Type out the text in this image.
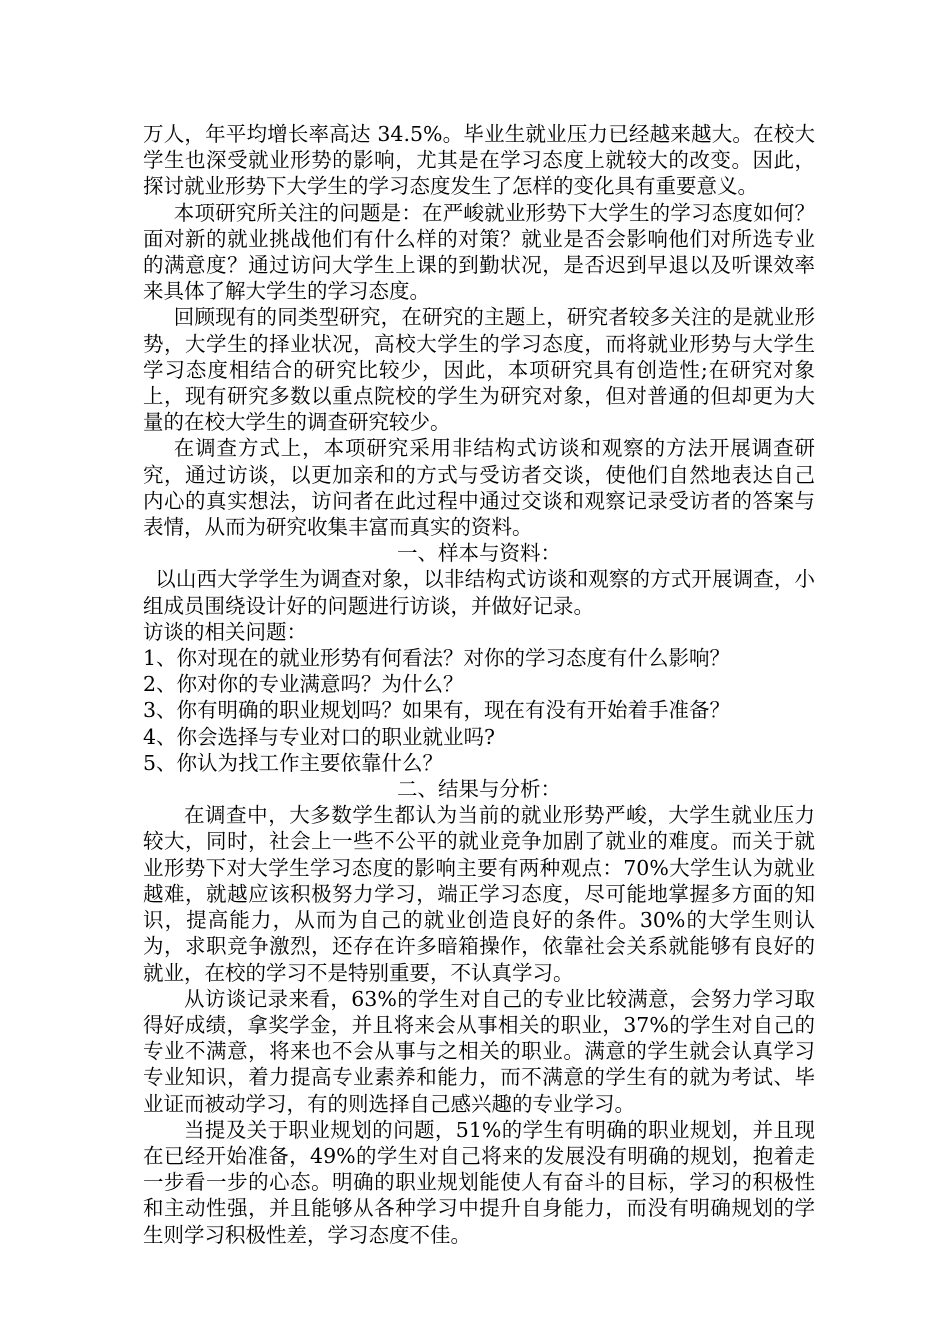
万人，年平均增长率高达 34.5%。毕业生就业压力已经越来越大。在校大学生也深受就业形势的影响，尤其是在学习态度上就较大的改变。因此，探讨就业形势下大学生的学习态度发生了怎样的变化具有重要意义。

本项研究所关注的问题是：在严峻就业形势下大学生的学习态度如何？面对新的就业挑战他们有什么样的对策？就业是否会影响他们对所选专业的满意度？通过访问大学生上课的到勤状况，是否迟到早退以及听课效率来具体了解大学生的学习态度。

回顾现有的同类型研究，在研究的主题上，研究者较多关注的是就业形势，大学生的择业状况，高校大学生的学习态度，而将就业形势与大学生学习态度相结合的研究比较少，因此，本项研究具有创造性;在研究对象上，现有研究多数以重点院校的学生为研究对象，但对普通的但却更为大量的在校大学生的调查研究较少。

在调查方式上，本项研究采用非结构式访谈和观察的方法开展调查研究，通过访谈，以更加亲和的方式与受访者交谈，使他们自然地表达自己内心的真实想法，访问者在此过程中通过交谈和观察记录受访者的答案与表情，从而为研究收集丰富而真实的资料。

一、样本与资料：

以山西大学学生为调查对象，以非结构式访谈和观察的方式开展调查，小组成员围绕设计好的问题进行访谈，并做好记录。

访谈的相关问题：

1、你对现在的就业形势有何看法？对你的学习态度有什么影响？
2、你对你的专业满意吗？为什么？
3、你有明确的职业规划吗？如果有，现在有没有开始着手准备？
4、你会选择与专业对口的职业就业吗?
5、你认为找工作主要依靠什么？

二、结果与分析：

在调查中，大多数学生都认为当前的就业形势严峻，大学生就业压力较大，同时，社会上一些不公平的就业竞争加剧了就业的难度。而关于就业形势下对大学生学习态度的影响主要有两种观点：70%大学生认为就业越难，就越应该积极努力学习，端正学习态度，尽可能地掌握多方面的知识，提高能力，从而为自己的就业创造良好的条件。30%的大学生则认为，求职竞争激烈，还存在许多暗箱操作，依靠社会关系就能够有良好的就业，在校的学习不是特别重要，不认真学习。

从访谈记录来看，63%的学生对自己的专业比较满意，会努力学习取得好成绩，拿奖学金，并且将来会从事相关的职业，37%的学生对自己的专业不满意，将来也不会从事与之相关的职业。满意的学生就会认真学习专业知识，着力提高专业素养和能力，而不满意的学生有的就为考试、毕业证而被动学习，有的则选择自己感兴趣的专业学习。

当提及关于职业规划的问题，51%的学生有明确的职业规划，并且现在已经开始准备，49%的学生对自己将来的发展没有明确的规划，抱着走一步看一步的心态。明确的职业规划能使人有奋斗的目标，学习的积极性和主动性强，并且能够从各种学习中提升自身能力，而没有明确规划的学生则学习积极性差，学习态度不佳。
